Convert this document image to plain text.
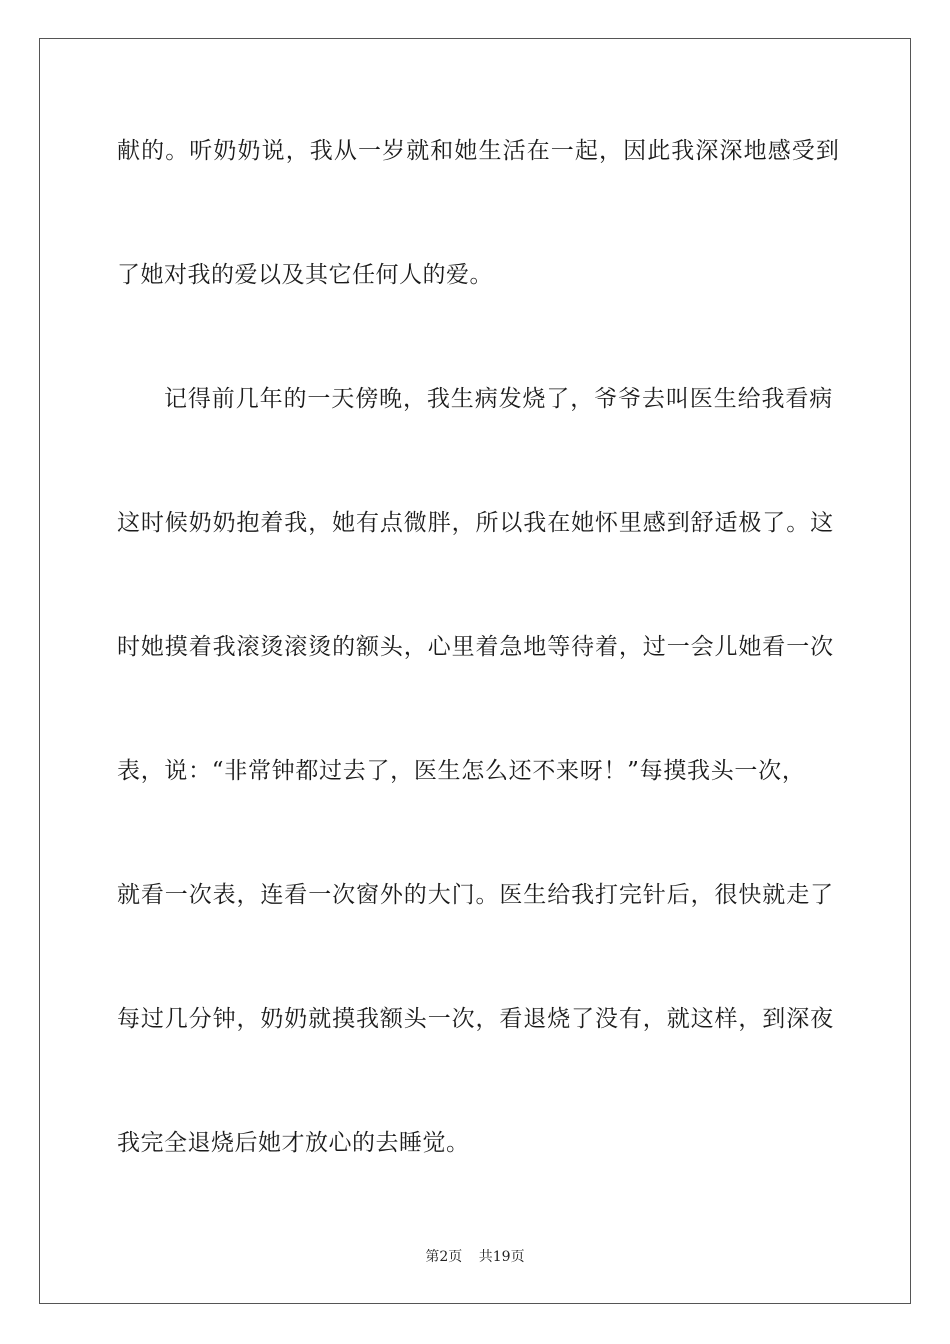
献的。听奶奶说，我从一岁就和她生活在一起，因此我深深地感受到
了她对我的爱以及其它任何人的爱。
记得前几年的一天傍晚，我生病发烧了，爷爷去叫医生给我看病
这时候奶奶抱着我，她有点微胖，所以我在她怀里感到舒适极了。这
时她摸着我滚烫滚烫的额头，心里着急地等待着，过一会儿她看一次
表，说：“非常钟都过去了，医生怎么还不来呀！”每摸我头一次，
就看一次表，连看一次窗外的大门。医生给我打完针后，很快就走了
每过几分钟，奶奶就摸我额头一次，看退烧了没有，就这样，到深夜
我完全退烧后她才放心的去睡觉。
第2页 共19页
